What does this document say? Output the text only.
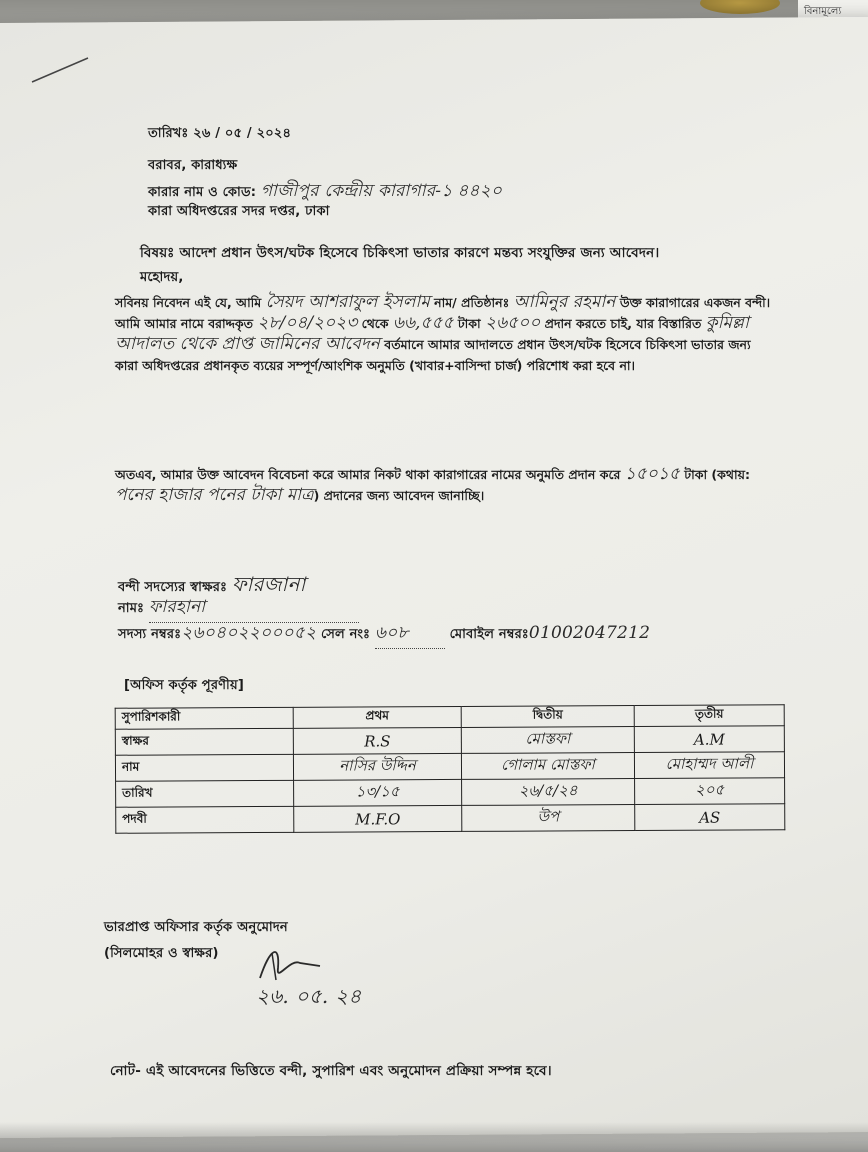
বিনামূল্যে
তারিখঃ ২৬ / ০৫ / ২০২৪
বরাবর, কারাধ্যক্ষ
কারার নাম ও কোড: গাজীপুর কেন্দ্রীয় কারাগার-১ ৪৪২০
কারা অধিদপ্তরের সদর দপ্তর, ঢাকা
বিষয়ঃ আদেশ প্রধান উৎস/ঘটক হিসেবে চিকিৎসা ভাতার কারণে মন্তব্য সংযুক্তির জন্য আবেদন।
মহোদয়,
সবিনয় নিবেদন এই যে, আমি সৈয়দ আশরাফুল ইসলাম নাম/ প্রতিষ্ঠানঃ আমিনুর রহমান উক্ত কারাগারের একজন বন্দী। আমি আমার নামে বরাদ্দকৃত ২৮/০৪/২০২৩ থেকে ৬৬,৫৫৫ টাকা ২৬৫০০ প্রদান করতে চাই, যার বিস্তারিত কুমিল্লা আদালত থেকে প্রাপ্ত জামিনের আবেদন বর্তমানে আমার আদালতে প্রধান উৎস/ঘটক হিসেবে চিকিৎসা ভাতার জন্য কারা অধিদপ্তরের প্রধানকৃত ব্যয়ের সম্পূর্ণ/আংশিক অনুমতি (খাবার+বাসিন্দা চার্জ) পরিশোধ করা হবে না।
অতএব, আমার উক্ত আবেদন বিবেচনা করে আমার নিকট থাকা কারাগারের নামের অনুমতি প্রদান করে ১৫০১৫ টাকা (কথায়: পনের হাজার পনের টাকা মাত্র) প্রদানের জন্য আবেদন জানাচ্ছি।
বন্দী সদস্যের স্বাক্ষরঃ ফারজানা
নামঃ ফারহানা
সদস্য নম্বরঃ২৬০৪০২২০০০৫২ সেল নংঃ ৬০৮	মোবাইল নম্বরঃ01002047212
[অফিস কর্তৃক পূরণীয়]
সুপারিশকারী	প্রথম	দ্বিতীয়	তৃতীয়
স্বাক্ষর	R.S	মোস্তফা	A.M
নাম	নাসির উদ্দিন	গোলাম মোস্তফা	মোহাম্মদ আলী
তারিখ	১৩/১৫	২৬/৫/২৪	২০৫
পদবী	M.F.O	উপ	AS
ভারপ্রাপ্ত অফিসার কর্তৃক অনুমোদন
(সিলমোহর ও স্বাক্ষর)
২৬. ০৫. ২৪
নোট- এই আবেদনের ভিত্তিতে বন্দী, সুপারিশ এবং অনুমোদন প্রক্রিয়া সম্পন্ন হবে।
